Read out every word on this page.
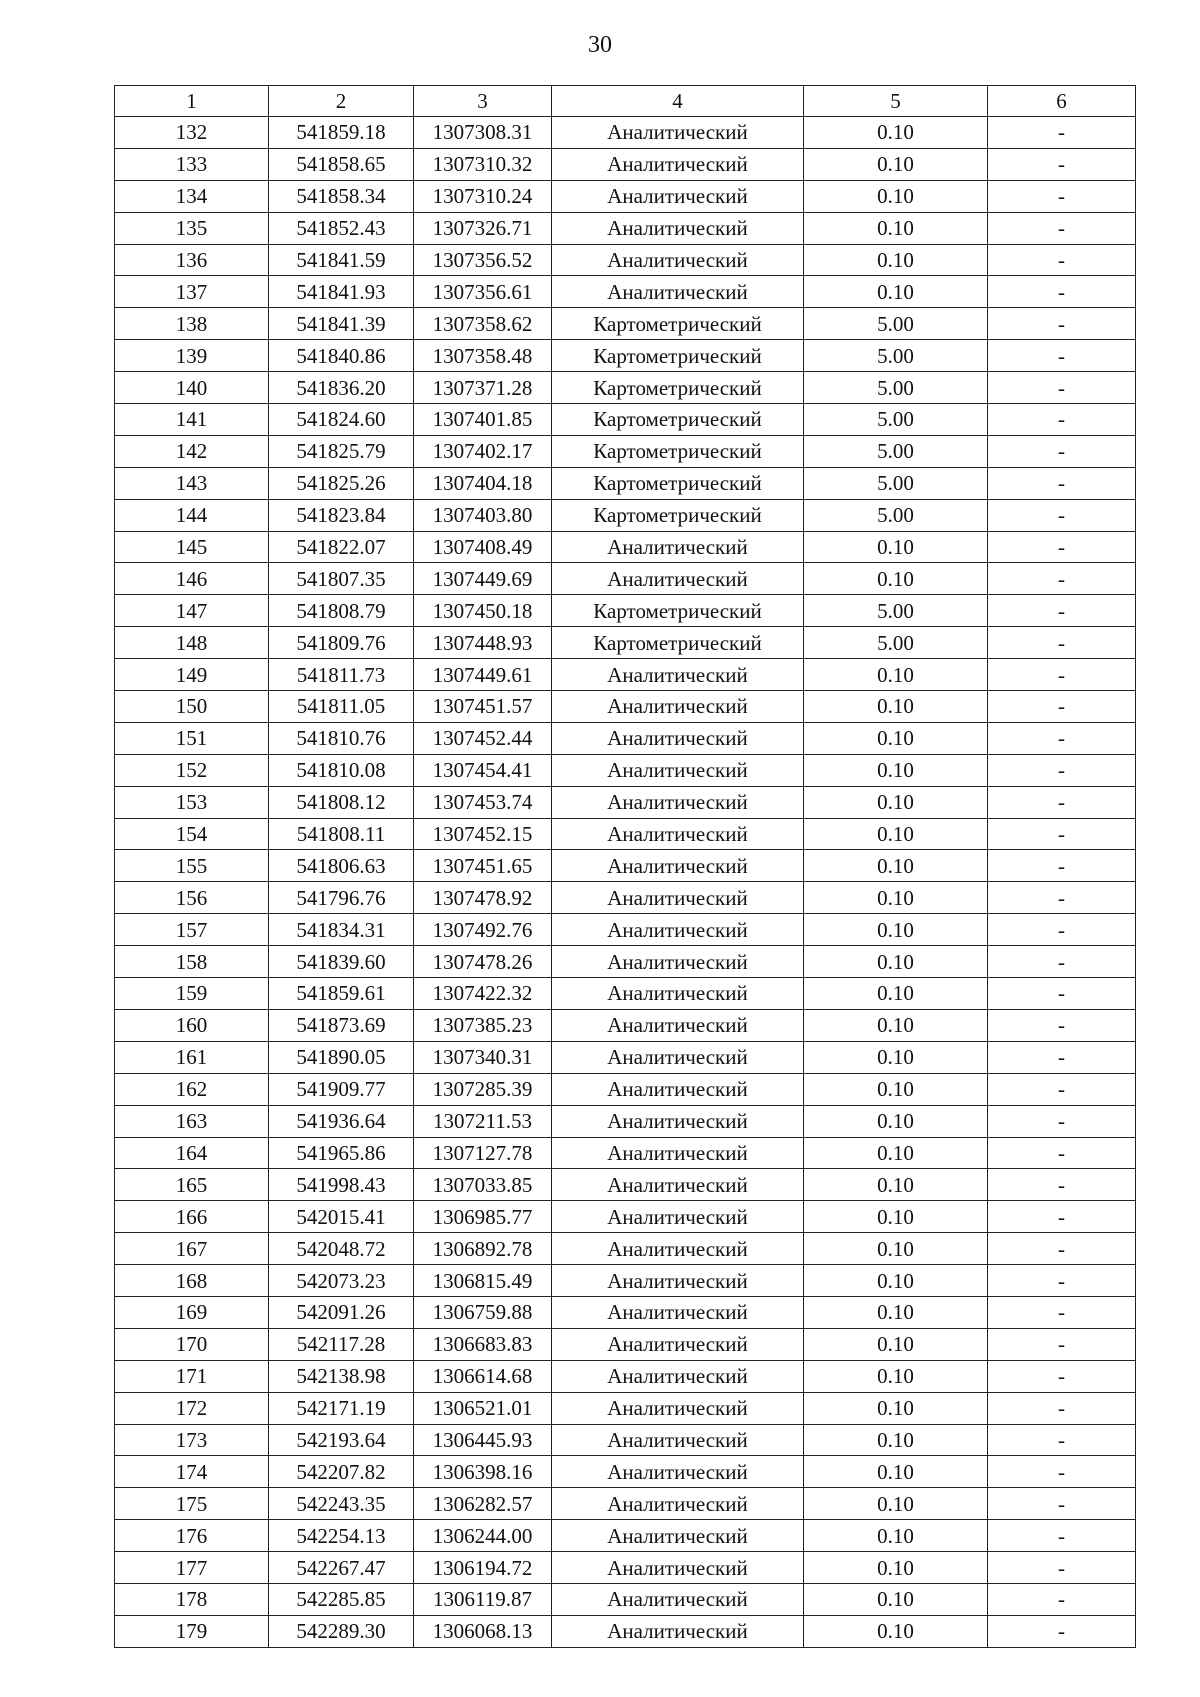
30
1	2	3	4	5	6
132	541859.18	1307308.31	Аналитический	0.10	-
133	541858.65	1307310.32	Аналитический	0.10	-
134	541858.34	1307310.24	Аналитический	0.10	-
135	541852.43	1307326.71	Аналитический	0.10	-
136	541841.59	1307356.52	Аналитический	0.10	-
137	541841.93	1307356.61	Аналитический	0.10	-
138	541841.39	1307358.62	Картометрический	5.00	-
139	541840.86	1307358.48	Картометрический	5.00	-
140	541836.20	1307371.28	Картометрический	5.00	-
141	541824.60	1307401.85	Картометрический	5.00	-
142	541825.79	1307402.17	Картометрический	5.00	-
143	541825.26	1307404.18	Картометрический	5.00	-
144	541823.84	1307403.80	Картометрический	5.00	-
145	541822.07	1307408.49	Аналитический	0.10	-
146	541807.35	1307449.69	Аналитический	0.10	-
147	541808.79	1307450.18	Картометрический	5.00	-
148	541809.76	1307448.93	Картометрический	5.00	-
149	541811.73	1307449.61	Аналитический	0.10	-
150	541811.05	1307451.57	Аналитический	0.10	-
151	541810.76	1307452.44	Аналитический	0.10	-
152	541810.08	1307454.41	Аналитический	0.10	-
153	541808.12	1307453.74	Аналитический	0.10	-
154	541808.11	1307452.15	Аналитический	0.10	-
155	541806.63	1307451.65	Аналитический	0.10	-
156	541796.76	1307478.92	Аналитический	0.10	-
157	541834.31	1307492.76	Аналитический	0.10	-
158	541839.60	1307478.26	Аналитический	0.10	-
159	541859.61	1307422.32	Аналитический	0.10	-
160	541873.69	1307385.23	Аналитический	0.10	-
161	541890.05	1307340.31	Аналитический	0.10	-
162	541909.77	1307285.39	Аналитический	0.10	-
163	541936.64	1307211.53	Аналитический	0.10	-
164	541965.86	1307127.78	Аналитический	0.10	-
165	541998.43	1307033.85	Аналитический	0.10	-
166	542015.41	1306985.77	Аналитический	0.10	-
167	542048.72	1306892.78	Аналитический	0.10	-
168	542073.23	1306815.49	Аналитический	0.10	-
169	542091.26	1306759.88	Аналитический	0.10	-
170	542117.28	1306683.83	Аналитический	0.10	-
171	542138.98	1306614.68	Аналитический	0.10	-
172	542171.19	1306521.01	Аналитический	0.10	-
173	542193.64	1306445.93	Аналитический	0.10	-
174	542207.82	1306398.16	Аналитический	0.10	-
175	542243.35	1306282.57	Аналитический	0.10	-
176	542254.13	1306244.00	Аналитический	0.10	-
177	542267.47	1306194.72	Аналитический	0.10	-
178	542285.85	1306119.87	Аналитический	0.10	-
179	542289.30	1306068.13	Аналитический	0.10	-
